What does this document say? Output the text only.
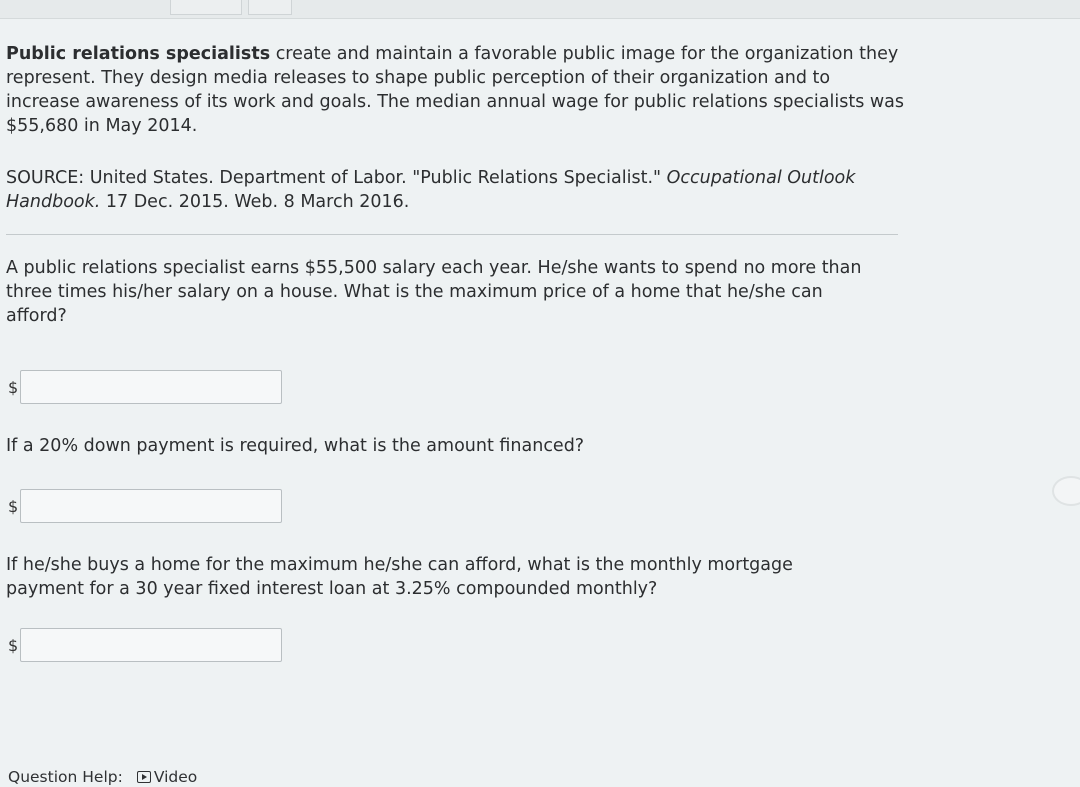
Public relations specialists create and maintain a favorable public image for the organization they represent. They design media releases to shape public perception of their organization and to increase awareness of its work and goals. The median annual wage for public relations specialists was $55,680 in May 2014.
SOURCE: United States. Department of Labor. "Public Relations Specialist." Occupational Outlook Handbook. 17 Dec. 2015. Web. 8 March 2016.
A public relations specialist earns $55,500 salary each year. He/she wants to spend no more than three times his/her salary on a house. What is the maximum price of a home that he/she can afford?
$
If a 20% down payment is required, what is the amount financed?
$
If he/she buys a home for the maximum he/she can afford, what is the monthly mortgage payment for a 30 year fixed interest loan at 3.25% compounded monthly?
$
Question Help: Video
